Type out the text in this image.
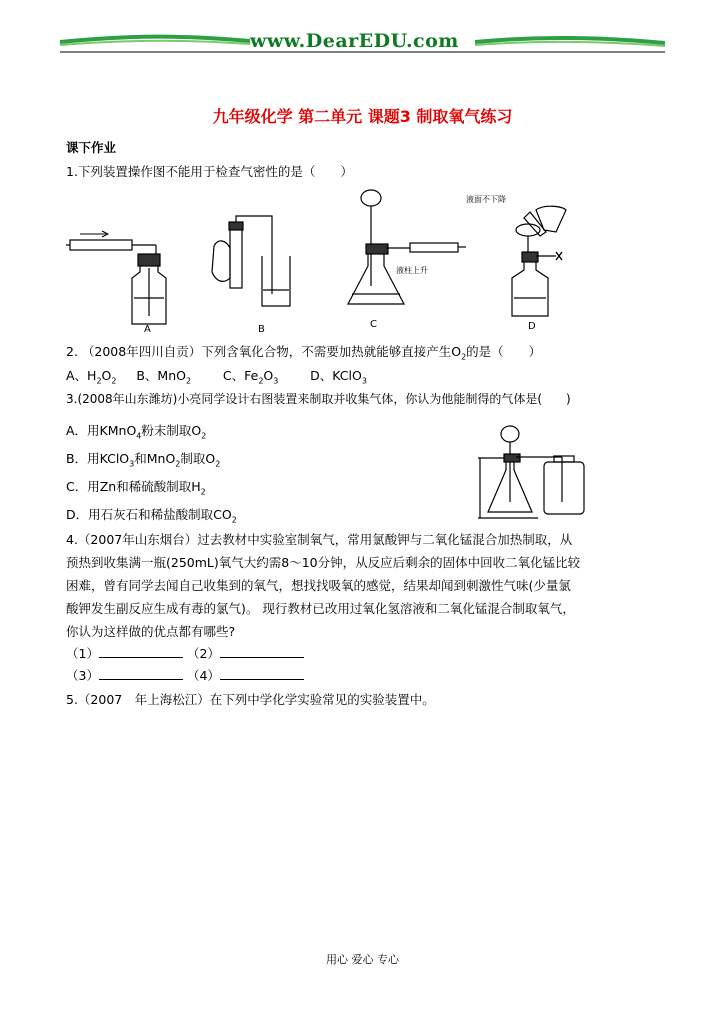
www.DearEDU.com
九年级化学 第二单元 课题3 制取氧气练习
课下作业
1.下列装置操作图不能用于检查气密性的是（　　）
A	B
液柱上升
C
液面不下降
D
2. （2008年四川自贡）下列含氧化合物，不需要加热就能够直接产生$O_2$的是（　　）
A、$H_2O_2$ B、MnO$_2$	C、$Fe_2O_3$	D、KClO$_3$
3.(2008年山东潍坊)小亮同学设计右图装置来制取并收集气体，你认为他能制得的气体是(　　)
A．用KMnO$_4$粉末制取$O_2$
B．用KClO$_3$和MnO$_2$制取$O_2$
C．用Zn和稀硫酸制取$H_2$
D．用石灰石和稀盐酸制取$CO_2$
4.（2007年山东烟台）过去教材中实验室制氧气，常用氯酸钾与二氧化锰混合加热制取，从
预热到收集满一瓶(250mL)氧气大约需8～10分钟，从反应后剩余的固体中回收二氧化锰比较
困难，曾有同学去闻自己收集到的氧气，想找找吸氧的感觉，结果却闻到刺激性气味(少量氯
酸钾发生副反应生成有毒的氯气)。 现行教材已改用过氧化氢溶液和二氧化锰混合制取氧气，
你认为这样做的优点都有哪些?
（1）	（2）
（3）	（4）
5.（2007　年上海松江）在下列中学化学实验常见的实验装置中。
用心 爱心 专心
